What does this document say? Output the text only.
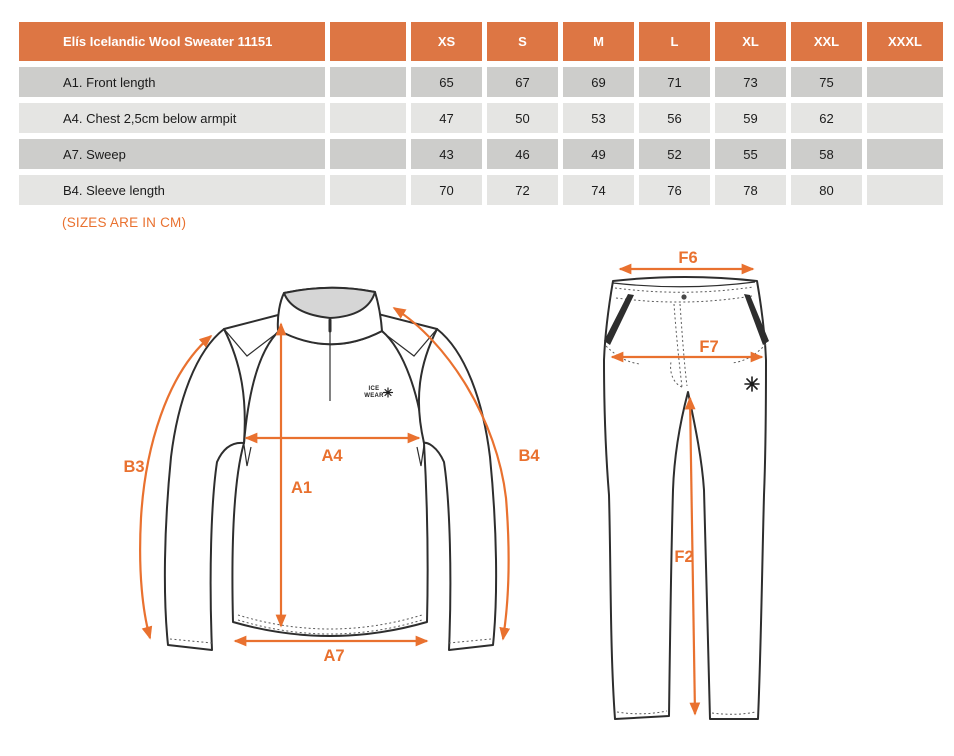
Elís Icelandic Wool Sweater 11151		XS	S	M	L	XL	XXL	XXXL
A1. Front length		65	67	69	71	73	75	
A4. Chest 2,5cm below armpit		47	50	53	56	59	62	
A7. Sweep		43	46	49	52	55	58	
B4. Sleeve length		70	72	74	76	78	80	
(SIZES ARE IN CM)
ICE
WEAR
B3
A4
A1
B4
A7
F6
F7
F2
